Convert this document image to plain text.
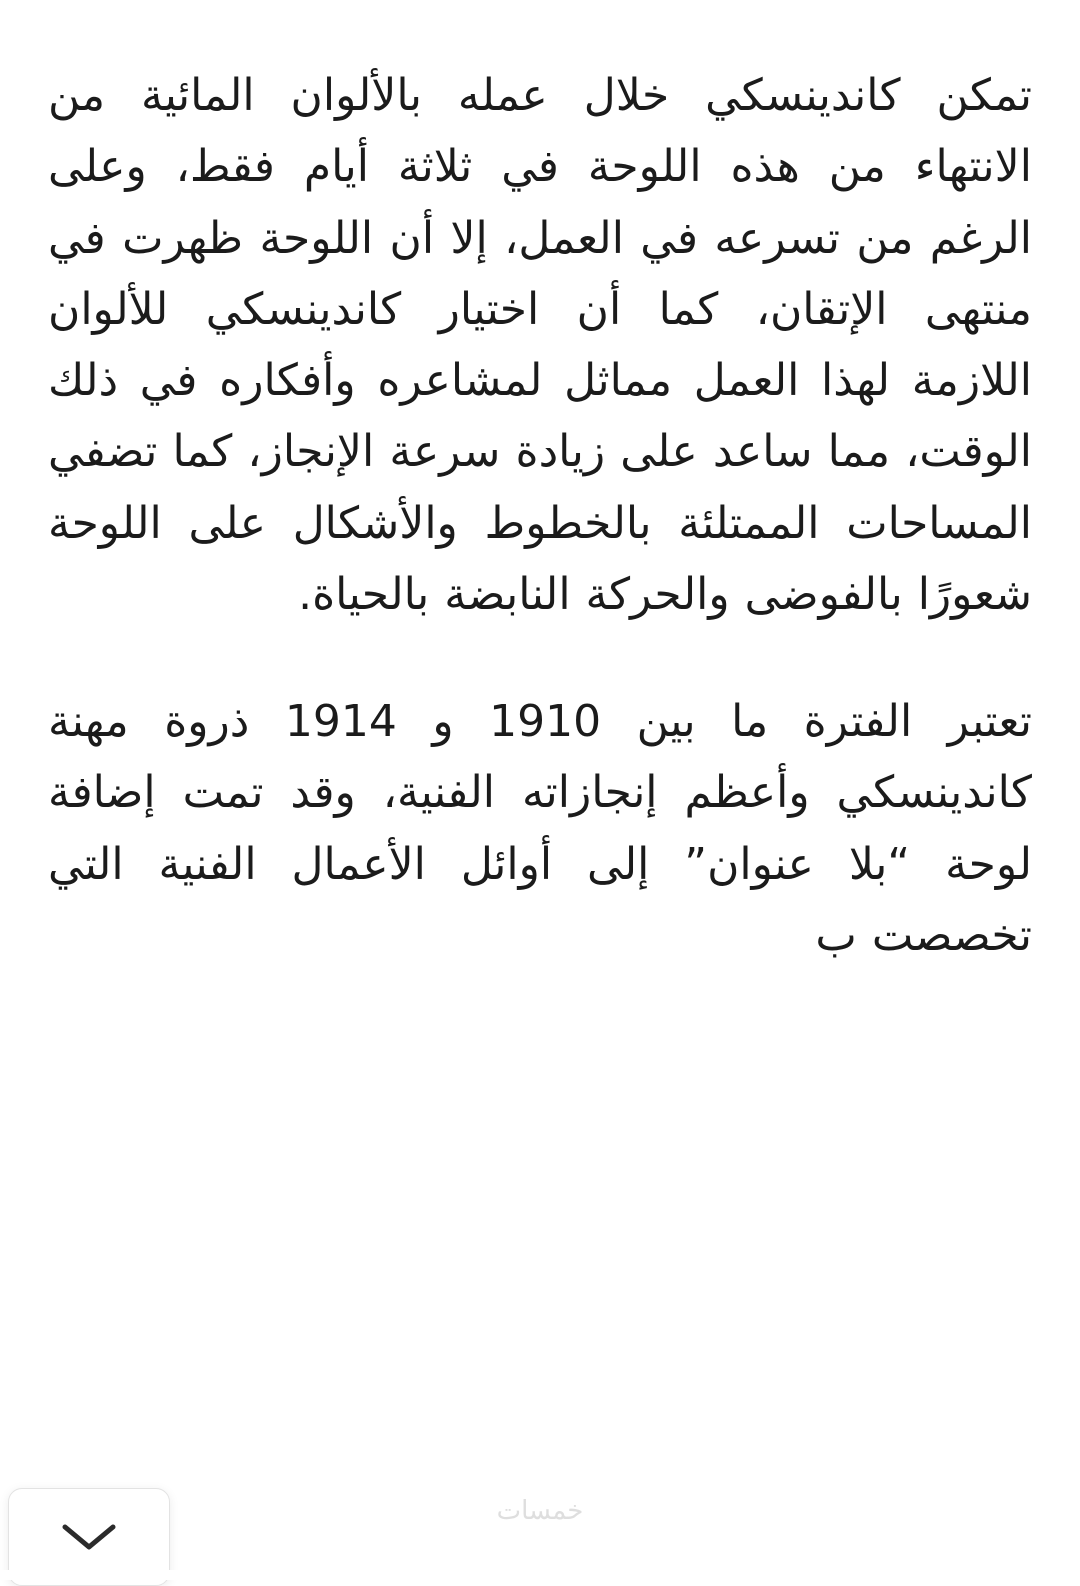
تمكن كاندينسكي خلال عمله بالألوان المائية من الانتهاء من هذه اللوحة في ثلاثة أيام فقط، وعلى الرغم من تسرعه في العمل، إلا أن اللوحة ظهرت في منتهى الإتقان، كما أن اختيار كاندينسكي للألوان اللازمة لهذا العمل مماثل لمشاعره وأفكاره في ذلك الوقت، مما ساعد على زيادة سرعة الإنجاز، كما تضفي المساحات الممتلئة بالخطوط والأشكال على اللوحة شعورًا بالفوضى والحركة النابضة بالحياة.

تعتبر الفترة ما بين 1910 و 1914 ذروة مهنة كاندينسكي وأعظم إنجازاته الفنية، وقد تمت إضافة لوحة “بلا عنوان” إلى أوائل الأعمال الفنية التي تخصصت ب

خمسات
